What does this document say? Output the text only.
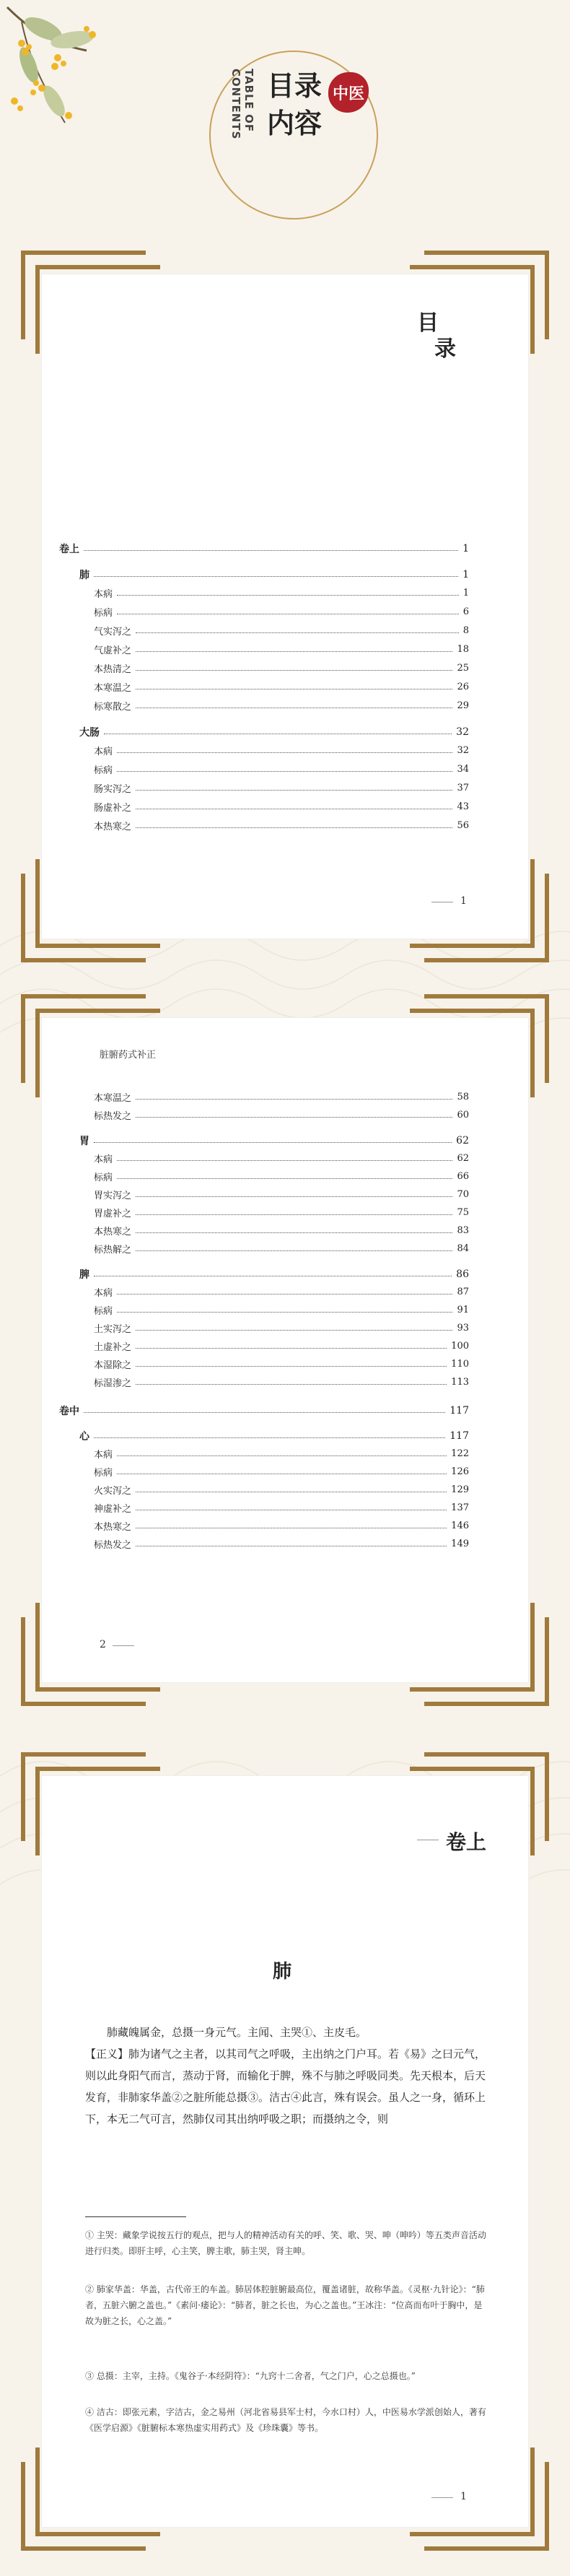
TABLE OF CONTENTS 目录
内容
中医
目
录
卷上	1
肺	1
本病	1
标病	6
气实泻之	8
气虚补之	18
本热清之	25
本寒温之	26
标寒散之	29
大肠	32
本病	32
标病	34
肠实泻之	37
肠虚补之	43
本热寒之	56
1
脏腑药式补正
本寒温之	58
标热发之	60
胃	62
本病	62
标病	66
胃实泻之	70
胃虚补之	75
本热寒之	83
标热解之	84
脾	86
本病	87
标病	91
土实泻之	93
土虚补之	100
本湿除之	110
标湿渗之	113
卷中	117
心	117
本病	122
标病	126
火实泻之	129
神虚补之	137
本热寒之	146
标热发之	149
2
卷上
肺
肺藏魄属金，总摄一身元气。主闻、主哭①、主皮毛。
【正义】肺为诸气之主者，以其司气之呼吸，主出纳之门户耳。若《易》之曰元气，则以此身阳气而言，蒸动于肾，而输化于脾，殊不与肺之呼吸同类。先天根本，后天发育，非肺家华盖②之脏所能总摄③。洁古④此言，殊有误会。虽人之一身，循环上下，本无二气可言，然肺仅司其出纳呼吸之职；而摄纳之令，则
① 主哭：藏象学说按五行的观点，把与人的精神活动有关的呼、笑、歌、哭、呻（呻吟）等五类声音活动进行归类。即肝主呼，心主笑，脾主歌，肺主哭，肾主呻。
② 肺家华盖：华盖，古代帝王的车盖。肺居体腔脏腑最高位，覆盖诸脏，故称华盖。《灵枢·九针论》：“肺者，五脏六腑之盖也。”《素问·痿论》：“肺者，脏之长也，为心之盖也。”王冰注：“位高而布叶于胸中，是故为脏之长，心之盖。”
③ 总摄：主宰，主持。《鬼谷子·本经阴符》：“九窍十二舍者，气之门户，心之总摄也。”
④ 洁古：即张元素，字洁古，金之易州（河北省易县军士村，今水口村）人，中医易水学派创始人，著有《医学启源》《脏腑标本寒热虚实用药式》及《珍珠囊》等书。
1
